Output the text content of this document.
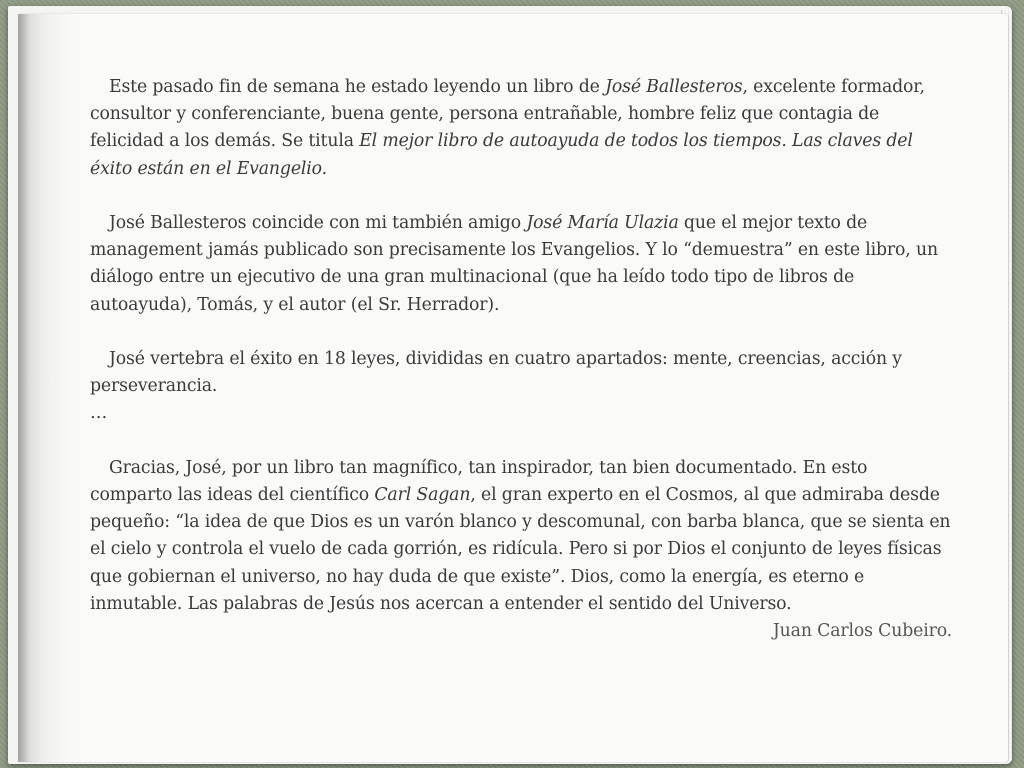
Este pasado fin de semana he estado leyendo un libro de José Ballesteros, excelente formador, consultor y conferenciante, buena gente, persona entrañable, hombre feliz que contagia de felicidad a los demás. Se titula El mejor libro de autoayuda de todos los tiempos. Las claves del éxito están en el Evangelio.

José Ballesteros coincide con mi también amigo José María Ulazia que el mejor texto de management jamás publicado son precisamente los Evangelios. Y lo “demuestra” en este libro, un diálogo entre un ejecutivo de una gran multinacional (que ha leído todo tipo de libros de autoayuda), Tomás, y el autor (el Sr. Herrador).

José vertebra el éxito en 18 leyes, divididas en cuatro apartados: mente, creencias, acción y perseverancia.

…

Gracias, José, por un libro tan magnífico, tan inspirador, tan bien documentado. En esto comparto las ideas del científico Carl Sagan, el gran experto en el Cosmos, al que admiraba desde pequeño: “la idea de que Dios es un varón blanco y descomunal, con barba blanca, que se sienta en el cielo y controla el vuelo de cada gorrión, es ridícula. Pero si por Dios el conjunto de leyes físicas que gobiernan el universo, no hay duda de que existe”. Dios, como la energía, es eterno e inmutable. Las palabras de Jesús nos acercan a entender el sentido del Universo.

Juan Carlos Cubeiro.
